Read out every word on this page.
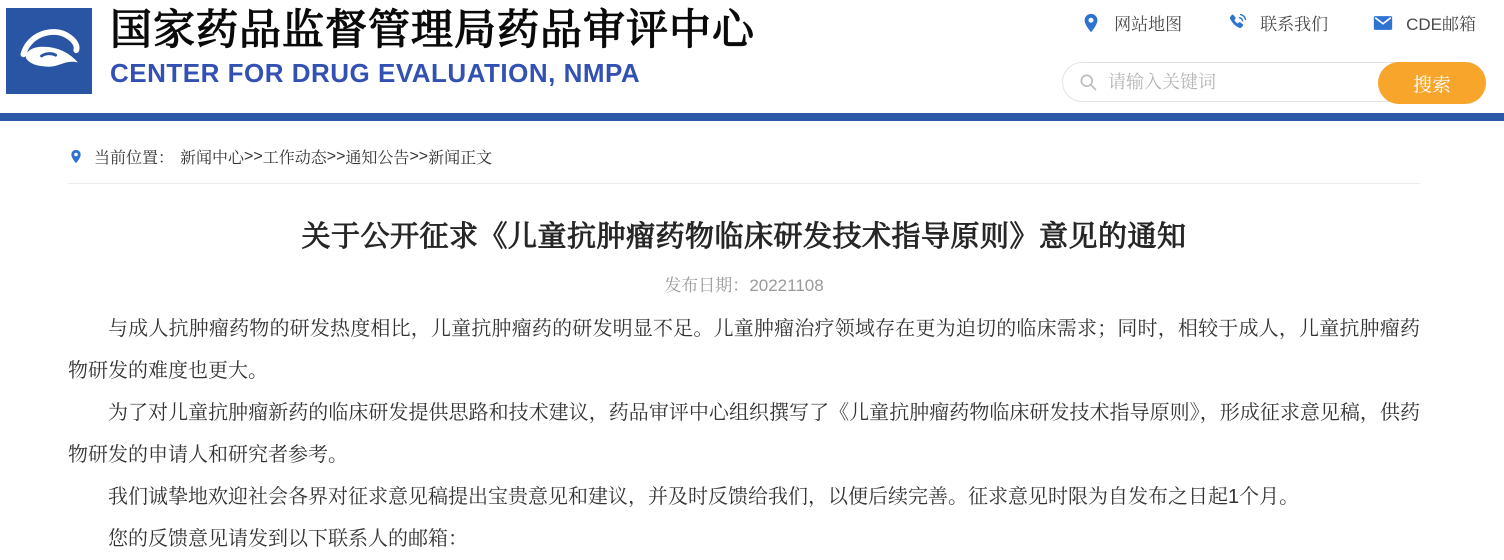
国家药品监督管理局药品审评中心
CENTER FOR DRUG EVALUATION, NMPA
网站地图	联系我们	CDE邮箱
请输入关键词
搜索
当前位置： 新闻中心 >> 工作动态 >> 通知公告 >> 新闻正文
关于公开征求《儿童抗肿瘤药物临床研发技术指导原则》意见的通知
发布日期：20221108

与成人抗肿瘤药物的研发热度相比，儿童抗肿瘤药的研发明显不足。儿童肿瘤治疗领域存在更为迫切的临床需求；同时，相较于成人，儿童抗肿瘤药物研发的难度也更大。

为了对儿童抗肿瘤新药的临床研发提供思路和技术建议，药品审评中心组织撰写了《儿童抗肿瘤药物临床研发技术指导原则》，形成征求意见稿，供药物研发的申请人和研究者参考。

我们诚挚地欢迎社会各界对征求意见稿提出宝贵意见和建议，并及时反馈给我们，以便后续完善。征求意见时限为自发布之日起1个月。

您的反馈意见请发到以下联系人的邮箱：
